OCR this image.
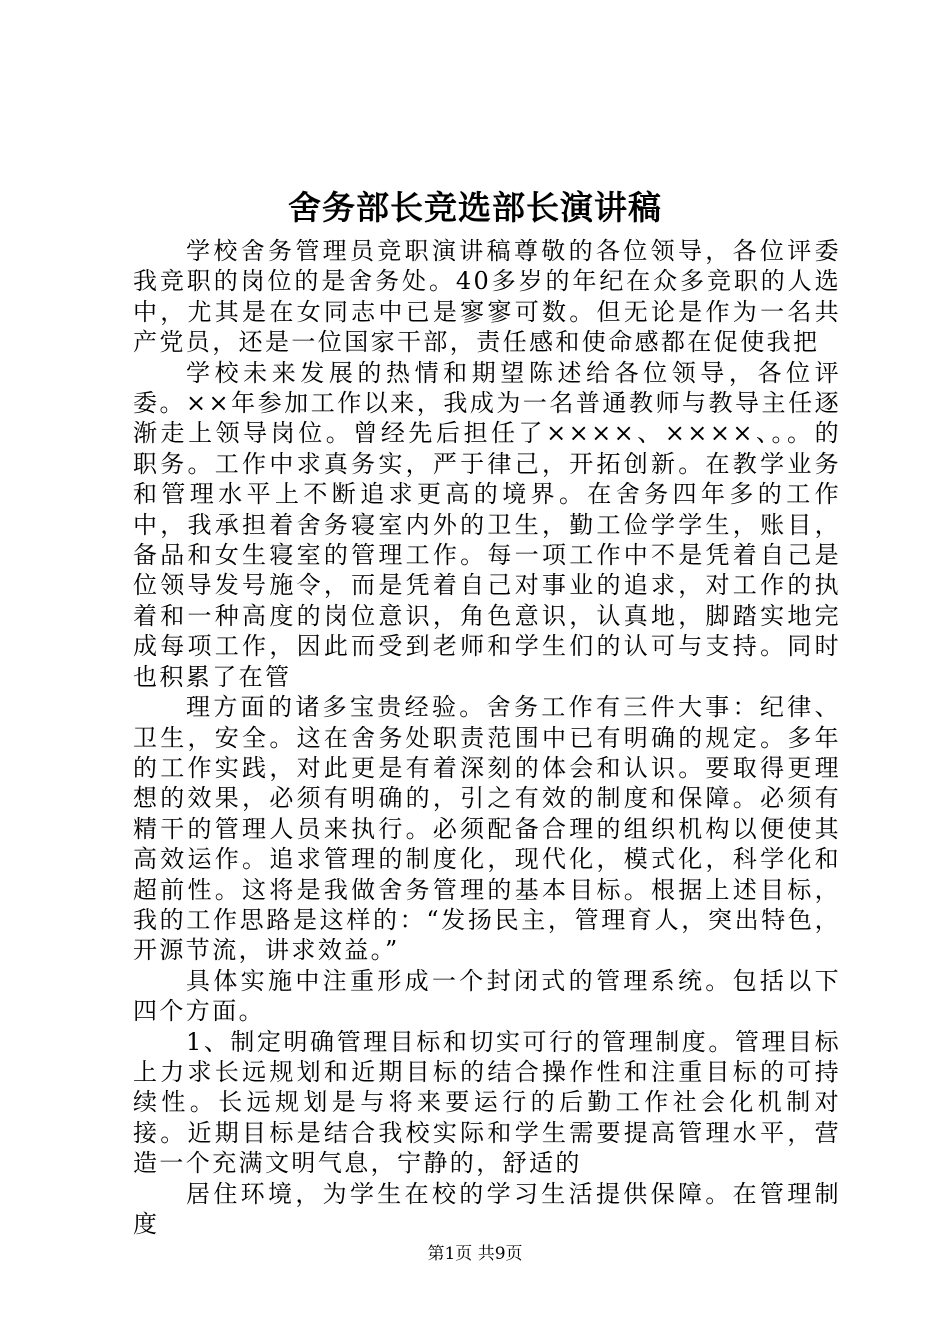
舍务部长竞选部长演讲稿

学校舍务管理员竞职演讲稿尊敬的各位领导，各位评委我竞职的岗位的是舍务处。40多岁的年纪在众多竞职的人选中，尤其是在女同志中已是寥寥可数。但无论是作为一名共产党员，还是一位国家干部，责任感和使命感都在促使我把

学校未来发展的热情和期望陈述给各位领导，各位评委。××年参加工作以来，我成为一名普通教师与教导主任逐渐走上领导岗位。曾经先后担任了××××、××××、。。的职务。工作中求真务实，严于律己，开拓创新。在教学业务和管理水平上不断追求更高的境界。在舍务四年多的工作中，我承担着舍务寝室内外的卫生，勤工俭学学生，账目，备品和女生寝室的管理工作。每一项工作中不是凭着自己是位领导发号施令，而是凭着自己对事业的追求，对工作的执着和一种高度的岗位意识，角色意识，认真地，脚踏实地完成每项工作，因此而受到老师和学生们的认可与支持。同时也积累了在管

理方面的诸多宝贵经验。舍务工作有三件大事：纪律、卫生，安全。这在舍务处职责范围中已有明确的规定。多年的工作实践，对此更是有着深刻的体会和认识。要取得更理想的效果，必须有明确的，引之有效的制度和保障。必须有精干的管理人员来执行。必须配备合理的组织机构以便使其高效运作。追求管理的制度化，现代化，模式化，科学化和超前性。这将是我做舍务管理的基本目标。根据上述目标，我的工作思路是这样的：“发扬民主，管理育人，突出特色，开源节流，讲求效益。”

具体实施中注重形成一个封闭式的管理系统。包括以下四个方面。

1、制定明确管理目标和切实可行的管理制度。管理目标上力求长远规划和近期目标的结合操作性和注重目标的可持续性。长远规划是与将来要运行的后勤工作社会化机制对接。近期目标是结合我校实际和学生需要提高管理水平，营造一个充满文明气息，宁静的，舒适的

居住环境，为学生在校的学习生活提供保障。在管理制度

第1页 共9页
